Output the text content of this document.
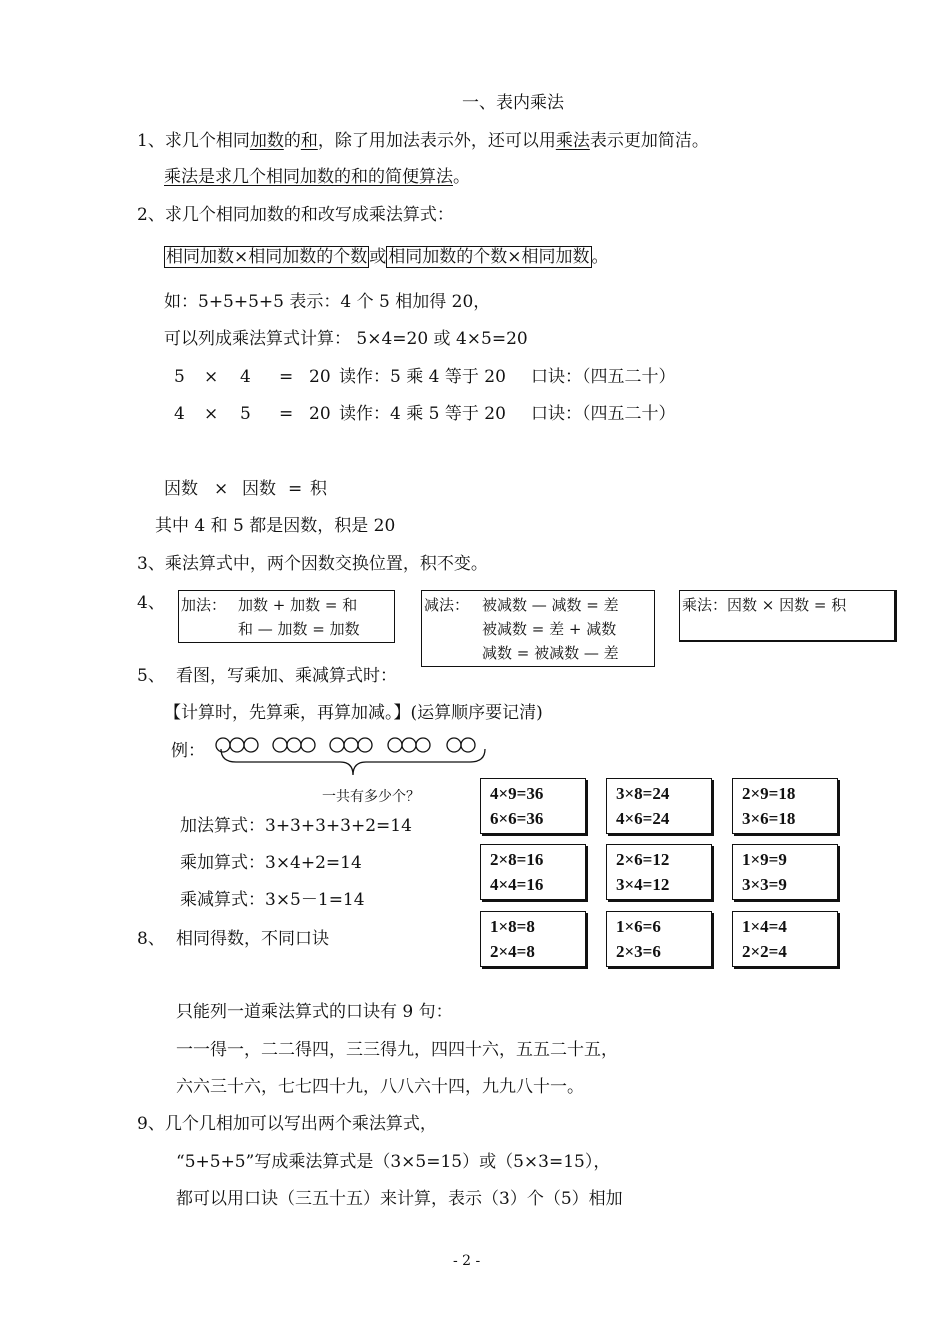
一、表内乘法
1、求几个相同加数的和，除了用加法表示外，还可以用乘法表示更加简洁。
乘法是求几个相同加数的和的简便算法。
2、求几个相同加数的和改写成乘法算式：
相同加数×相同加数的个数 或 相同加数的个数×相同加数 。
如：5+5+5+5 表示：4 个 5 相加得 20，
可以列成乘法算式计算： 5×4=20 或 4×5=20
5 × 4 = 20 读作：5 乘 4 等于 20 口诀：（四五二十）
4 × 5 = 20 读作：4 乘 5 等于 20 口诀：（四五二十）
因数 × 因数 = 积
其中 4 和 5 都是因数，积是 20
3、乘法算式中，两个因数交换位置，积不变。
4、 加法： 加数 + 加数 = 和
和 — 加数 = 加数
减法： 被减数 — 减数 = 差
被减数 = 差 + 减数
减数 = 被减数 — 差
乘法：因数 × 因数 = 积
5、 看图，写乘加、乘减算式时：
【计算时，先算乘，再算加减。】(运算顺序要记清)
例：
一共有多少个？
加法算式：3+3+3+3+2=14
乘加算式：3×4+2=14
乘减算式：3×5－1=14
8、 相同得数，不同口诀
4×9=36
6×6=36
3×8=24
4×6=24
2×9=18
3×6=18
2×8=16
4×4=16
2×6=12
3×4=12
1×9=9
3×3=9
1×8=8
2×4=8
1×6=6
2×3=6
1×4=4
2×2=4
只能列一道乘法算式的口诀有 9 句：
一一得一，二二得四，三三得九，四四十六，五五二十五，
六六三十六，七七四十九，八八六十四，九九八十一。
9、几个几相加可以写出两个乘法算式，
“5+5+5”写成乘法算式是（3×5=15）或（5×3=15），
都可以用口诀（三五十五）来计算，表示（3）个（5）相加
- 2 -
